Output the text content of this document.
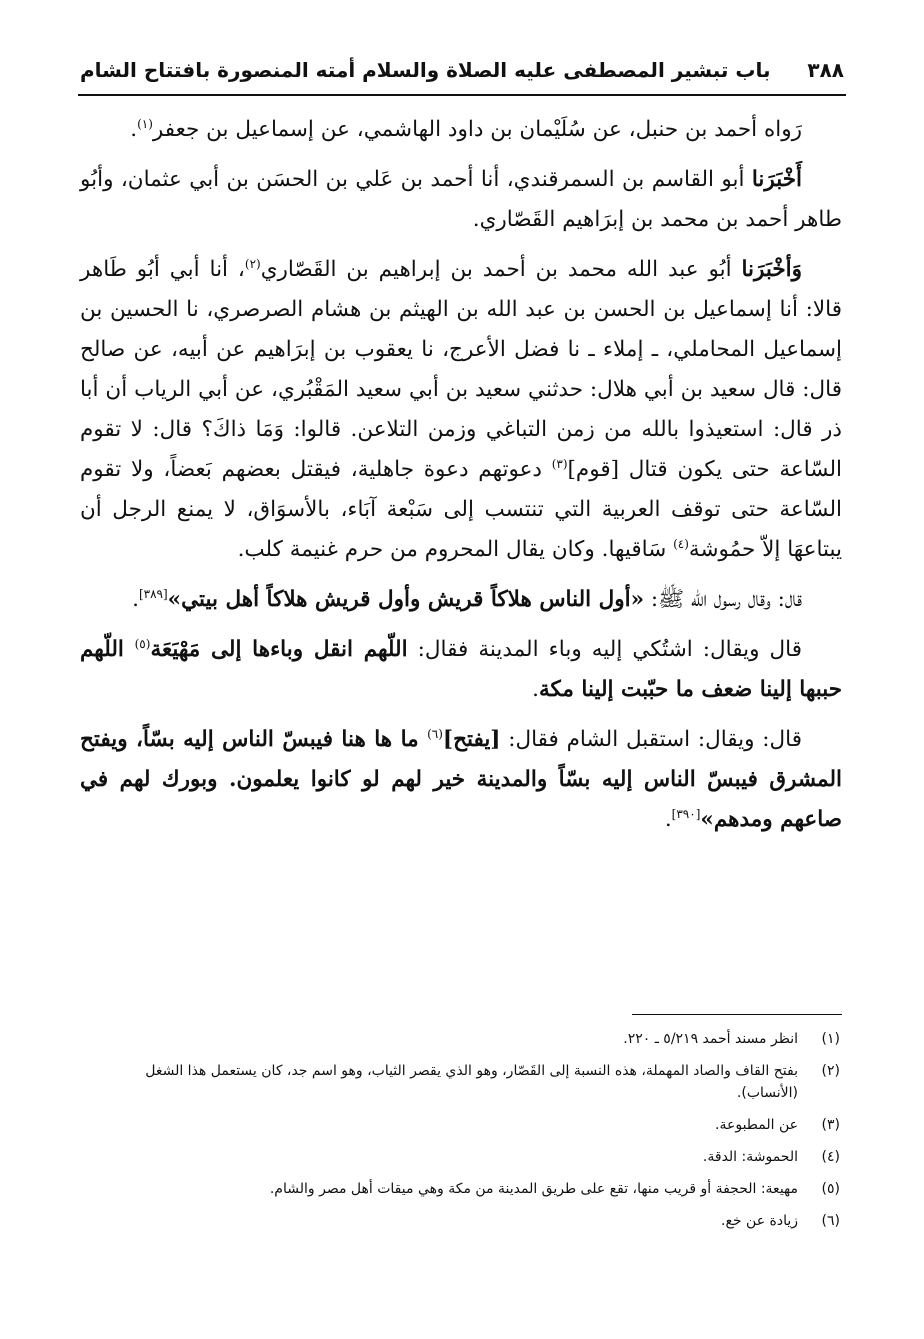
٣٨٨
باب تبشير المصطفى عليه الصلاة والسلام أمته المنصورة بافتتاح الشام

رَواه أحمد بن حنبل، عن سُلَيْمان بن داود الهاشمي، عن إسماعيل بن جعفر$^{(١)}$.

أَخْبَرَنا أبو القاسم بن السمرقندي، أنا أحمد بن عَلي بن الحسَن بن أبي عثمان، وأبُو طاهر أحمد بن محمد بن إبرَاهيم القَصّاري.

وَأخْبَرَنا أبُو عبد الله محمد بن أحمد بن إبراهيم بن القَصّاري$^{(٢)}$، أنا أبي أبُو طَاهر قالا: أنا إسماعيل بن الحسن بن عبد الله بن الهيثم بن هشام الصرصري، نا الحسين بن إسماعيل المحاملي، ـ إملاء ـ نا فضل الأعرج، نا يعقوب بن إبرَاهيم عن أبيه، عن صالح قال: قال سعيد بن أبي هلال: حدثني سعيد بن أبي سعيد المَقْبُري، عن أبي الرياب أن أبا ذر قال: استعيذوا بالله من زمن التباغي وزمن التلاعن. قالوا: وَمَا ذاكَ؟ قال: لا تقوم السّاعة حتى يكون قتال [قوم]$^{(٣)}$ دعوتهم دعوة جاهلية، فيقتل بعضهم بَعضاً، ولا تقوم السّاعة حتى توقف العربية التي تنتسب إلى سَبْعة آبَاء، بالأسوَاق، لا يمنع الرجل أن يبتاعهَا إلاّ حمُوشة$^{(٤)}$ سَاقيها. وكان يقال المحروم من حرم غنيمة كلب.

قال: وقال رسول الله ﷺ: «أول الناس هلاكاً قريش وأول قريش هلاكاً أهل بيتي»[٣٨٩].

قال ويقال: اشتُكي إليه وباء المدينة فقال: اللّهم انقل وباءها إلى مَهْيَعَة$^{(٥)}$ اللّهم حببها إلينا ضعف ما حبّبت إلينا مكة.

قال: ويقال: استقبل الشام فقال: [يفتح]$^{(٦)}$ ما ها هنا فيبسّ الناس إليه بسّاً، ويفتح المشرق فيبسّ الناس إليه بسّاً والمدينة خير لهم لو كانوا يعلمون. وبورك لهم في صاعهم ومدهم»[٣٩٠].

(١)
انظر مسند أحمد ٥/٢١٩ ـ ٢٢٠.
(٢)
بفتح القاف والصاد المهملة، هذه النسبة إلى القَصّار، وهو الذي يقصر الثياب، وهو اسم جد، كان يستعمل هذا الشغل (الأنساب).
(٣)
عن المطبوعة.
(٤)
الحموشة: الدقة.
(٥)
مهيعة: الحجفة أو قريب منها، تقع على طريق المدينة من مكة وهي ميقات أهل مصر والشام.
(٦)
زيادة عن خع.
